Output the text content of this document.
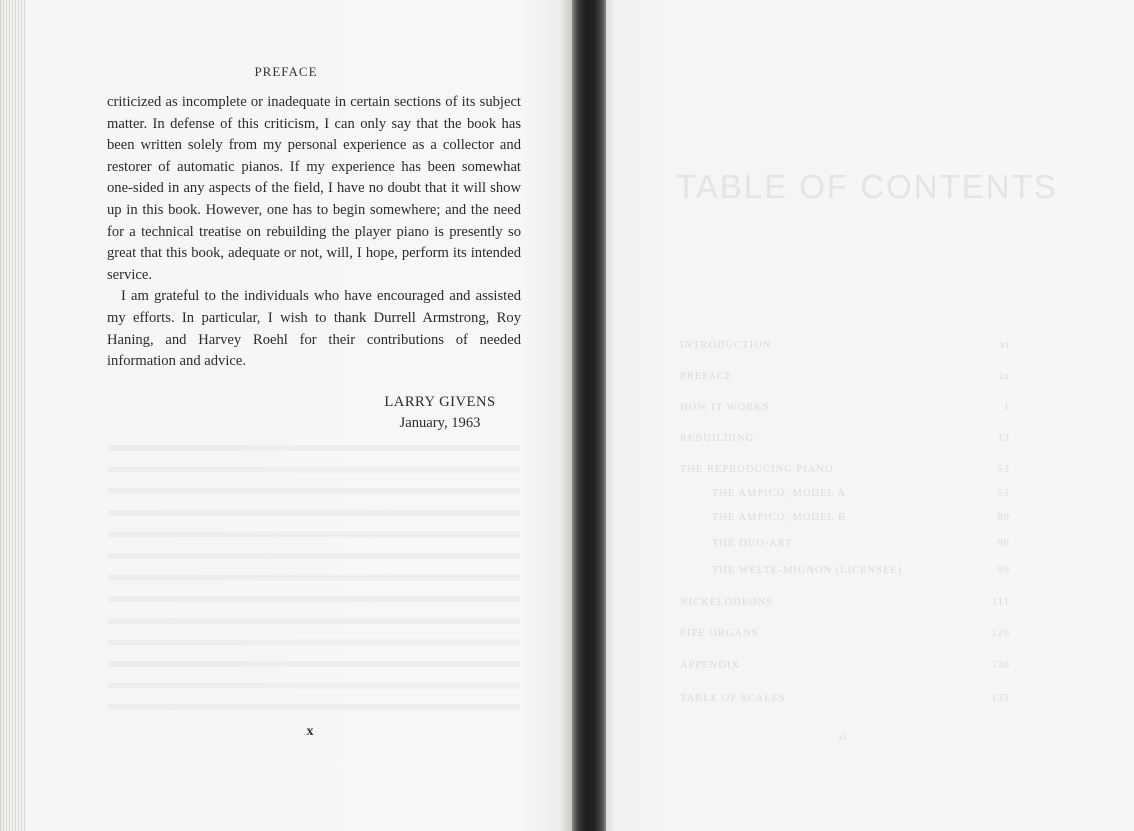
PREFACE

criticized as incomplete or inadequate in certain sections of its subject matter. In defense of this criticism, I can only say that the book has been written solely from my personal experience as a collector and restorer of automatic pianos. If my experience has been somewhat one-sided in any aspects of the field, I have no doubt that it will show up in this book. However, one has to begin somewhere; and the need for a technical treatise on rebuilding the player piano is presently so great that this book, adequate or not, will, I hope, perform its intended service.

I am grateful to the individuals who have encouraged and assisted my efforts. In particular, I wish to thank Durrell Armstrong, Roy Haning, and Harvey Roehl for their contributions of needed information and advice.

LARRY GIVENS
January, 1963
x
TABLE OF CONTENTS
INTRODUCTION	xi
PREFACE	ix
HOW IT WORKS	1
REBUILDING	13
THE REPRODUCING PIANO	53
THE AMPICO, MODEL A	55
THE AMPICO, MODEL B	80
THE DUO-ART	96
THE WELTE-MIGNON (LICENSEE)	99
NICKELODEONS	111
PIPE ORGANS	126
APPENDIX	130
TABLE OF SCALES	135
xi
